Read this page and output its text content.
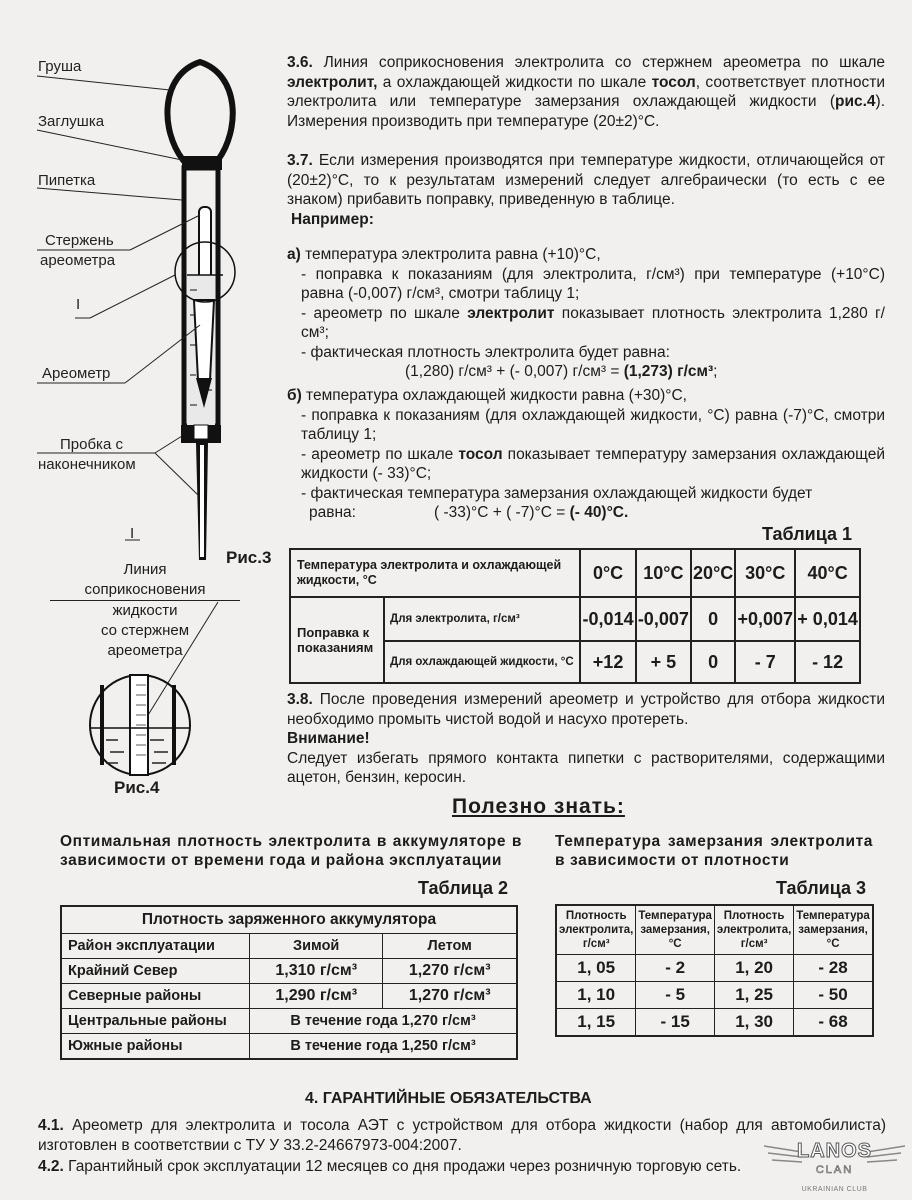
Груша
Заглушка
Пипетка
Стержень
ареометра
I
Ареометр
Пробка с
наконечником
I
Рис.3
Линия
соприкосновения
жидкости
со стержнем
ареометра
Рис.4
3.6. Линия соприкосновения электролита со стержнем ареометра по шкале электролит, а охлаждающей жидкости по шкале тосол, соответствует плотности электролита или температуре замерзания охлаждающей жидкости (рис.4). Измерения производить при температуре (20±2)°С.
3.7. Если измерения производятся при температуре жидкости, отличающейся от (20±2)°С, то к результатам измерений следует алгебраически (то есть с ее знаком) прибавить поправку, приведенную в таблице.
Например:
а) температура электролита равна (+10)°С,
- поправка к показаниям (для электролита, г/см³) при температуре (+10°С) равна (-0,007) г/см³, смотри таблицу 1;
- ареометр по шкале электролит показывает плотность электролита 1,280 г/см³;
- фактическая плотность электролита будет равна:
(1,280) г/см³ + (- 0,007) г/см³ = (1,273) г/см³;
б) температура охлаждающей жидкости равна (+30)°С,
- поправка к показаниям (для охлаждающей жидкости, °С) равна (-7)°С, смотри таблицу 1;
- ареометр по шкале тосол показывает температуру замерзания охлаждающей жидкости (- 33)°С;
- фактическая температура замерзания охлаждающей жидкости будет
равна:	( -33)°С + ( -7)°С = (- 40)°С.
Таблица 1
Температура электролита и охлаждающей жидкости, °С		0°С	10°С	20°С	30°С	40°С
Поправка к показаниям	Для электролита, г/см³	-0,014	-0,007	0	+0,007	+ 0,014
	Для охлаждающей жидкости, °С	+12	+ 5	0	- 7	- 12
3.8. После проведения измерений ареометр и устройство для отбора жидкости необходимо промыть чистой водой и насухо протереть.
Внимание!
Следует избегать прямого контакта пипетки с растворителями, содержащими ацетон, бензин, керосин.
Полезно знать:
Оптимальная плотность электролита в аккумуляторе в зависимости от времени года и района эксплуатации
Таблица 2
Плотность заряженного аккумулятора		
Район эксплуатации	Зимой	Летом
Крайний Север	1,310 г/см³	1,270 г/см³
Северные районы	1,290 г/см³	1,270 г/см³
Центральные районы	В течение года 1,270 г/см³	
Южные районы	В течение года 1,250 г/см³	
Температура замерзания электролита в зависимости от плотности
Таблица 3
Плотность электролита, г/см³	Температура замерзания, °С	Плотность электролита, г/см³	Температура замерзания, °С
1, 05	- 2	1, 20	- 28
1, 10	- 5	1, 25	- 50
1, 15	- 15	1, 30	- 68
4. ГАРАНТИЙНЫЕ ОБЯЗАТЕЛЬСТВА
4.1. Ареометр для электролита и тосола АЭТ с устройством для отбора жидкости (набор для автомобилиста) изготовлен в соответствии с ТУ У 33.2-24667973-004:2007.
4.2. Гарантийный срок эксплуатации 12 месяцев со дня продажи через розничную торговую сеть.
LANOS
CLAN
UKRAINIAN CLUB
